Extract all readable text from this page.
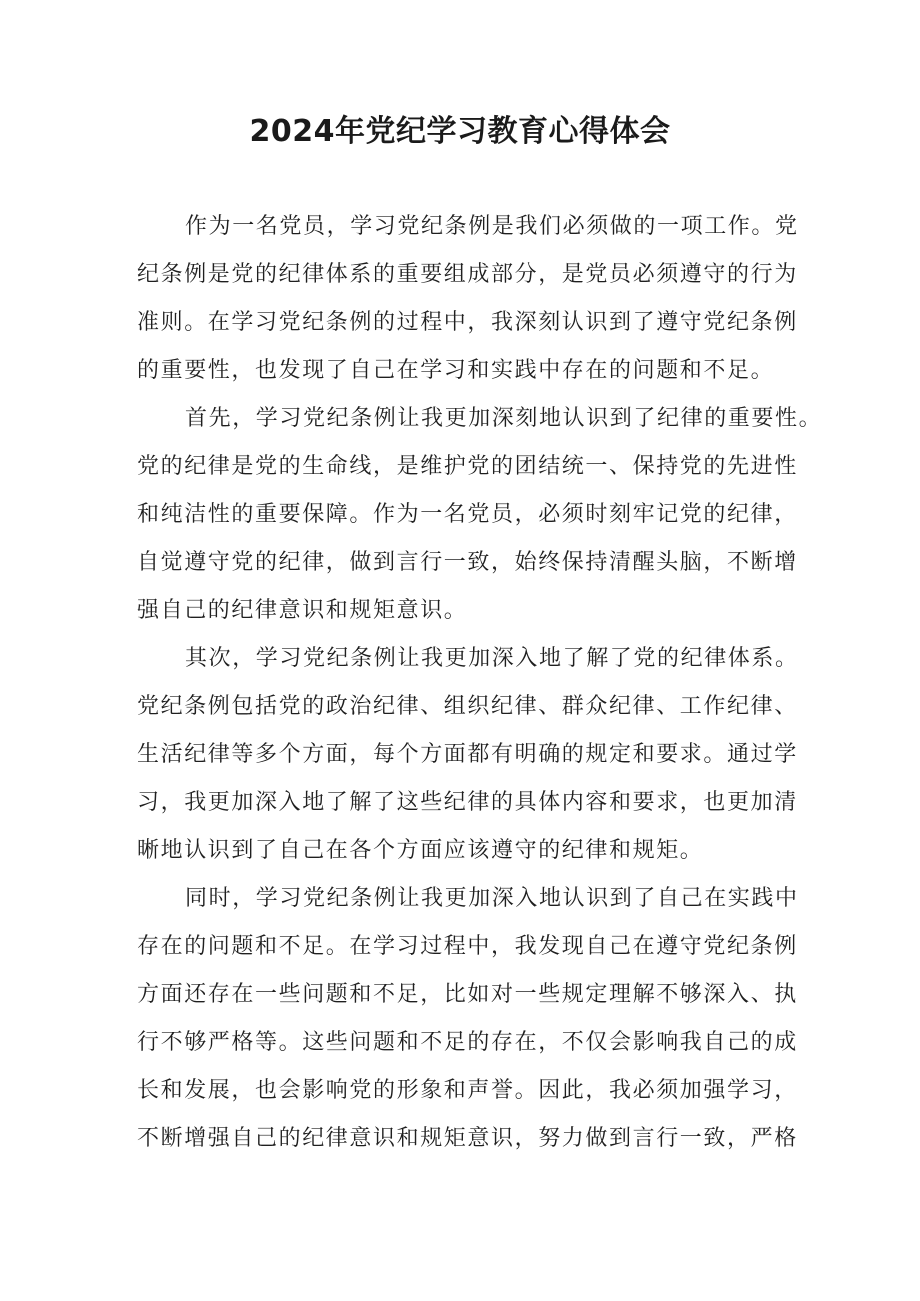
2024年党纪学习教育心得体会

作为一名党员，学习党纪条例是我们必须做的一项工作。党

纪条例是党的纪律体系的重要组成部分，是党员必须遵守的行为

准则。在学习党纪条例的过程中，我深刻认识到了遵守党纪条例

的重要性，也发现了自己在学习和实践中存在的问题和不足。

首先，学习党纪条例让我更加深刻地认识到了纪律的重要性。

党的纪律是党的生命线，是维护党的团结统一、保持党的先进性

和纯洁性的重要保障。作为一名党员，必须时刻牢记党的纪律，

自觉遵守党的纪律，做到言行一致，始终保持清醒头脑，不断增

强自己的纪律意识和规矩意识。

其次，学习党纪条例让我更加深入地了解了党的纪律体系。

党纪条例包括党的政治纪律、组织纪律、群众纪律、工作纪律、

生活纪律等多个方面，每个方面都有明确的规定和要求。通过学

习，我更加深入地了解了这些纪律的具体内容和要求，也更加清

晰地认识到了自己在各个方面应该遵守的纪律和规矩。

同时，学习党纪条例让我更加深入地认识到了自己在实践中

存在的问题和不足。在学习过程中，我发现自己在遵守党纪条例

方面还存在一些问题和不足，比如对一些规定理解不够深入、执

行不够严格等。这些问题和不足的存在，不仅会影响我自己的成

长和发展，也会影响党的形象和声誉。因此，我必须加强学习，

不断增强自己的纪律意识和规矩意识，努力做到言行一致，严格
